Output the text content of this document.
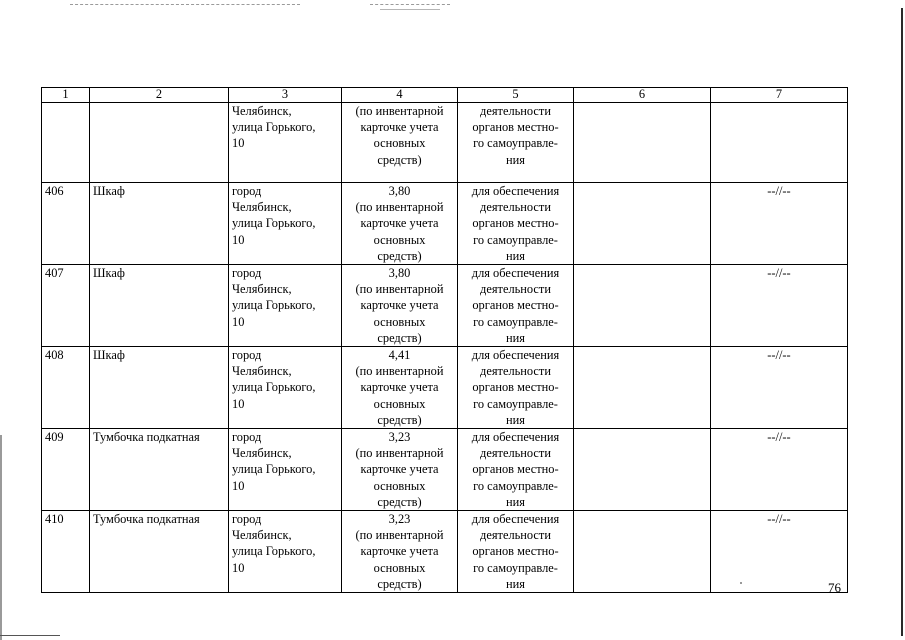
1	2	3	4	5	6	7

		Челябинск,
улица Горького,
10	(по инвентарной
карточке учета
основных
средств)	деятельности
органов местно-
го самоуправле-
ния		

406	Шкаф	город
Челябинск,
улица Горького,
10	3,80
(по инвентарной
карточке учета
основных
средств)	для обеспечения
деятельности
органов местно-
го самоуправле-
ния		--//--
407	Шкаф	город
Челябинск,
улица Горького,
10	3,80
(по инвентарной
карточке учета
основных
средств)	для обеспечения
деятельности
органов местно-
го самоуправле-
ния		--//--
408	Шкаф	город
Челябинск,
улица Горького,
10	4,41
(по инвентарной
карточке учета
основных
средств)	для обеспечения
деятельности
органов местно-
го самоуправле-
ния		--//--
409	Тумбочка подкатная	город
Челябинск,
улица Горького,
10	3,23
(по инвентарной
карточке учета
основных
средств)	для обеспечения
деятельности
органов местно-
го самоуправле-
ния		--//--
410	Тумбочка подкатная	город
Челябинск,
улица Горького,
10	3,23
(по инвентарной
карточке учета
основных
средств)	для обеспечения
деятельности
органов местно-
го самоуправле-
ния		--//--
76
